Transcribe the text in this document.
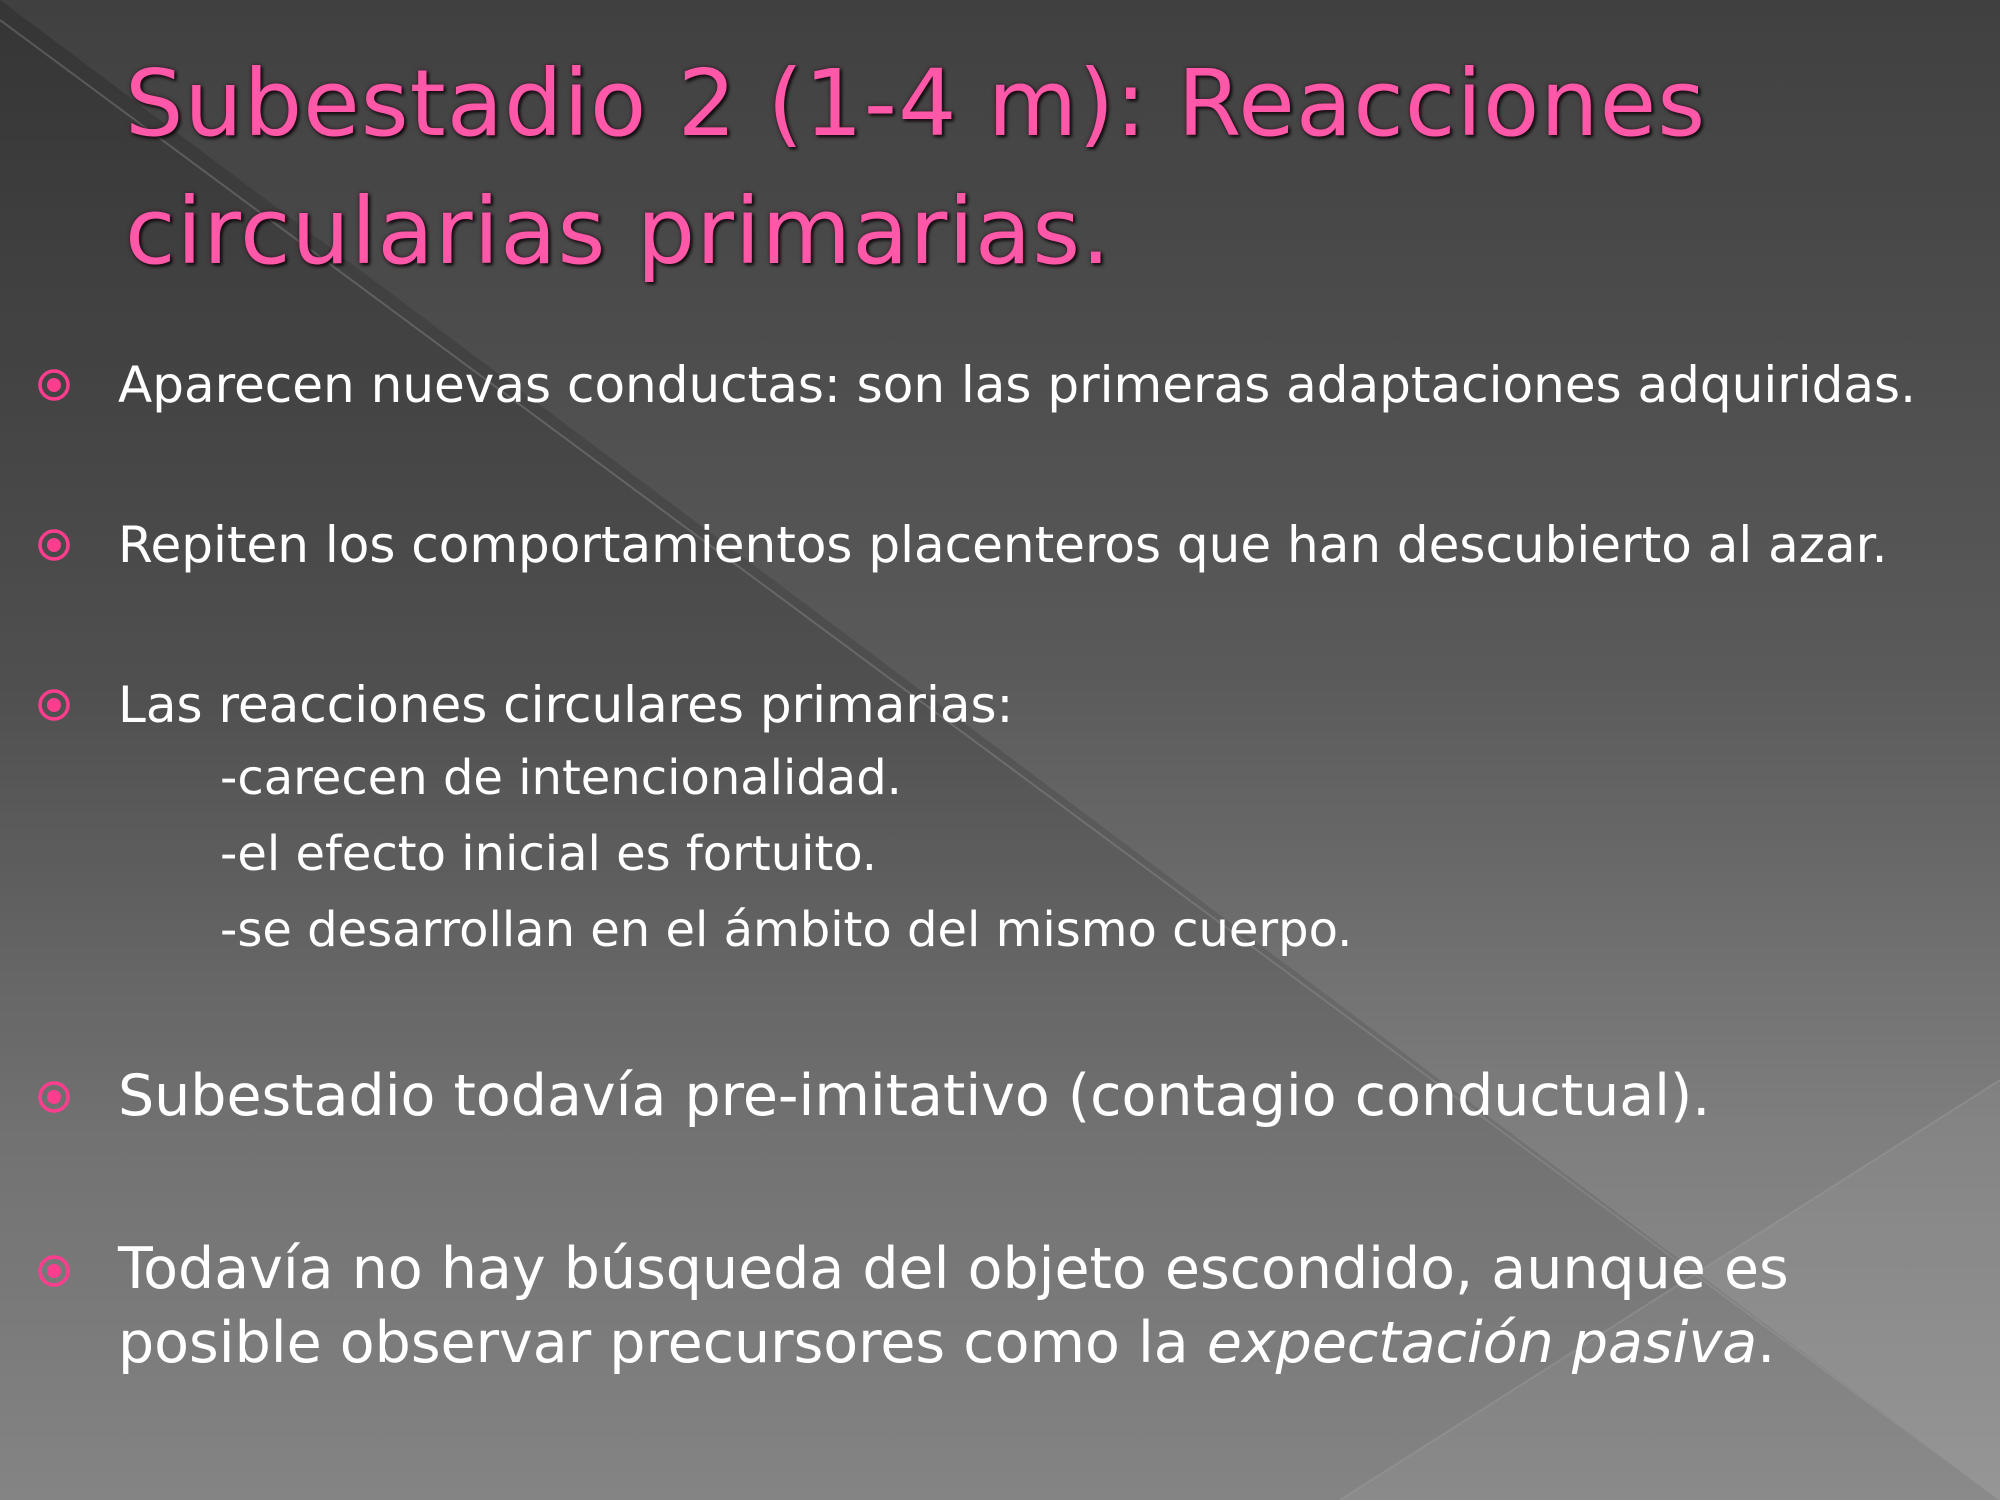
Subestadio 2 (1-4 m): Reacciones
circularias primarias.
Aparecen nuevas conductas: son las primeras adaptaciones adquiridas.
Repiten los comportamientos placenteros que han descubierto al azar.
Las reacciones circulares primarias:
-carecen de intencionalidad.
-el efecto inicial es fortuito.
-se desarrollan en el ámbito del mismo cuerpo.
Subestadio todavía pre-imitativo (contagio conductual).
Todavía no hay búsqueda del objeto escondido, aunque es posible observar precursores como la expectación pasiva.
